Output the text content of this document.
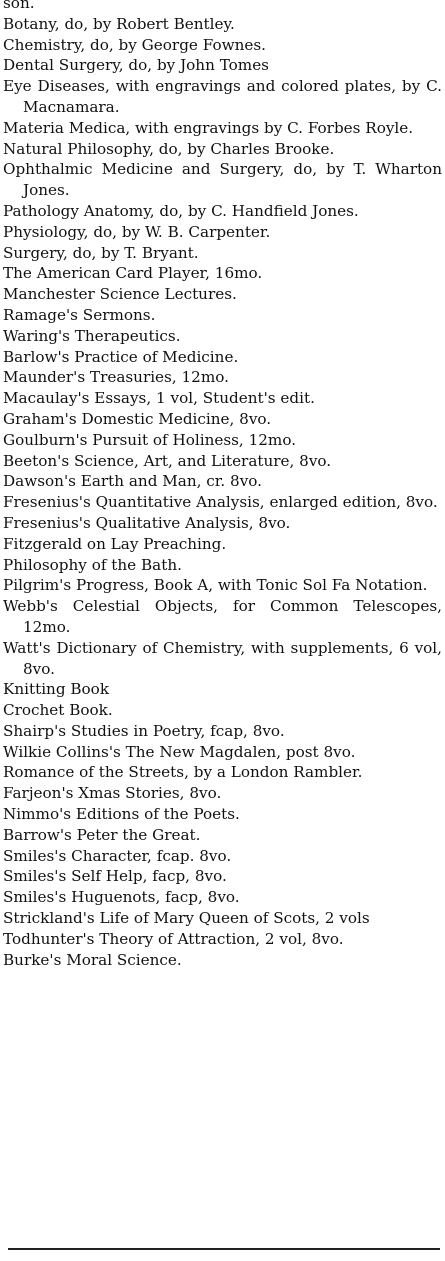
son.
Botany, do, by Robert Bentley.
Chemistry, do, by George Fownes.
Dental Surgery, do, by John Tomes
Eye Diseases, with engravings and colored plates, by C. Macnamara.
Materia Medica, with engravings by C. Forbes Royle.
Natural Philosophy, do, by Charles Brooke.
Ophthalmic Medicine and Surgery, do, by T. Wharton Jones.
Pathology Anatomy, do, by C. Handfield Jones.
Physiology, do, by W. B. Carpenter.
Surgery, do, by T. Bryant.
The American Card Player, 16mo.
Manchester Science Lectures.
Ramage's Sermons.
Waring's Therapeutics.
Barlow's Practice of Medicine.
Maunder's Treasuries, 12mo.
Macaulay's Essays, 1 vol, Student's edit.
Graham's Domestic Medicine, 8vo.
Goulburn's Pursuit of Holiness, 12mo.
Beeton's Science, Art, and Literature, 8vo.
Dawson's Earth and Man, cr. 8vo.
Fresenius's Quantitative Analysis, enlarged edition, 8vo.
Fresenius's Qualitative Analysis, 8vo.
Fitzgerald on Lay Preaching.
Philosophy of the Bath.
Pilgrim's Progress, Book A, with Tonic Sol Fa Notation.
Webb's Celestial Objects, for Common Telescopes, 12mo.
Watt's Dictionary of Chemistry, with supplements, 6 vol, 8vo.
Knitting Book
Crochet Book.
Shairp's Studies in Poetry, fcap, 8vo.
Wilkie Collins's The New Magdalen, post 8vo.
Romance of the Streets, by a London Rambler.
Farjeon's Xmas Stories, 8vo.
Nimmo's Editions of the Poets.
Barrow's Peter the Great.
Smiles's Character, fcap. 8vo.
Smiles's Self Help, facp, 8vo.
Smiles's Huguenots, facp, 8vo.
Strickland's Life of Mary Queen of Scots, 2 vols
Todhunter's Theory of Attraction, 2 vol, 8vo.
Burke's Moral Science.
